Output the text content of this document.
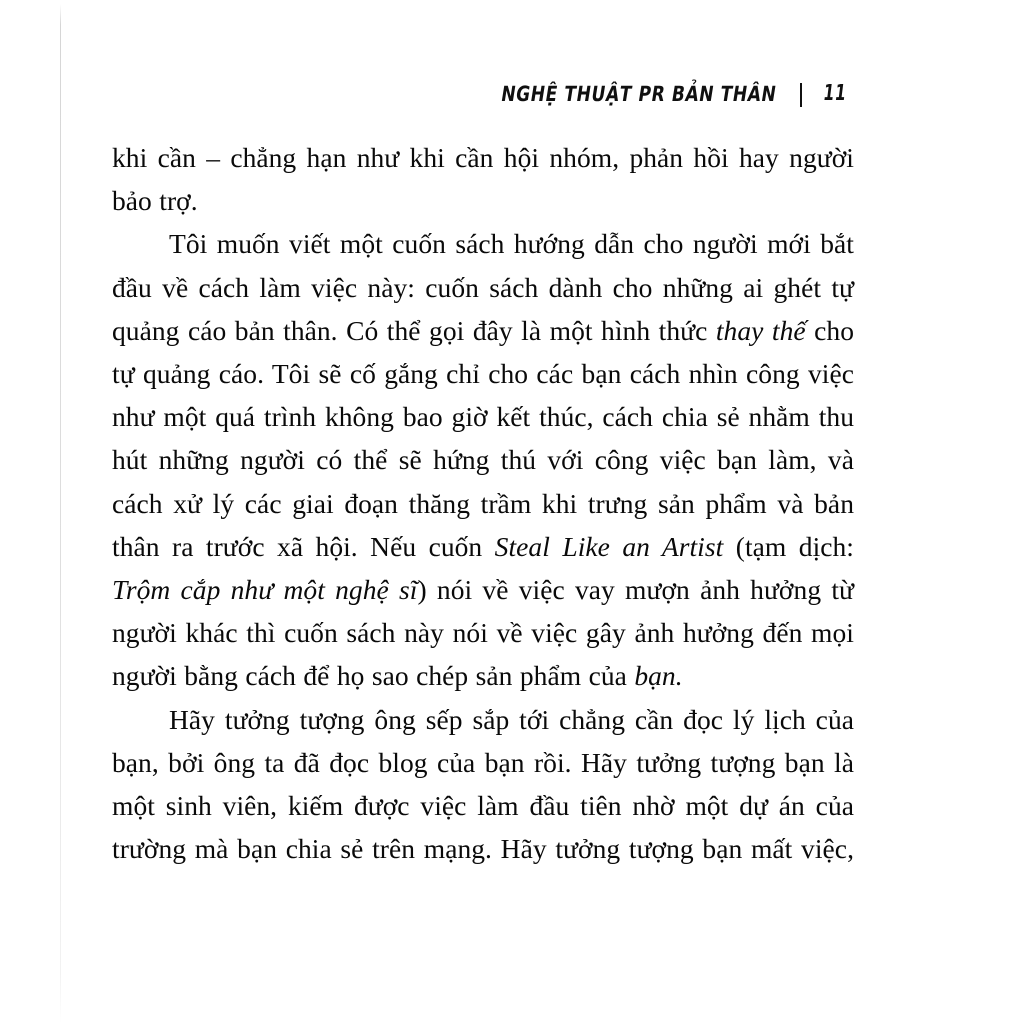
NGHỆ THUẬT PR BẢN THÂN 11

khi cần – chẳng hạn như khi cần hội nhóm, phản hồi hay người bảo trợ.

Tôi muốn viết một cuốn sách hướng dẫn cho người mới bắt đầu về cách làm việc này: cuốn sách dành cho những ai ghét tự quảng cáo bản thân. Có thể gọi đây là một hình thức thay thế cho tự quảng cáo. Tôi sẽ cố gắng chỉ cho các bạn cách nhìn công việc như một quá trình không bao giờ kết thúc, cách chia sẻ nhằm thu hút những người có thể sẽ hứng thú với công việc bạn làm, và cách xử lý các giai đoạn thăng trầm khi trưng sản phẩm và bản thân ra trước xã hội. Nếu cuốn Steal Like an Artist (tạm dịch: Trộm cắp như một nghệ sĩ) nói về việc vay mượn ảnh hưởng từ người khác thì cuốn sách này nói về việc gây ảnh hưởng đến mọi người bằng cách để họ sao chép sản phẩm của bạn.

Hãy tưởng tượng ông sếp sắp tới chẳng cần đọc lý lịch của bạn, bởi ông ta đã đọc blog của bạn rồi. Hãy tưởng tượng bạn là một sinh viên, kiếm được việc làm đầu tiên nhờ một dự án của trường mà bạn chia sẻ trên mạng. Hãy tưởng tượng bạn mất việc,
